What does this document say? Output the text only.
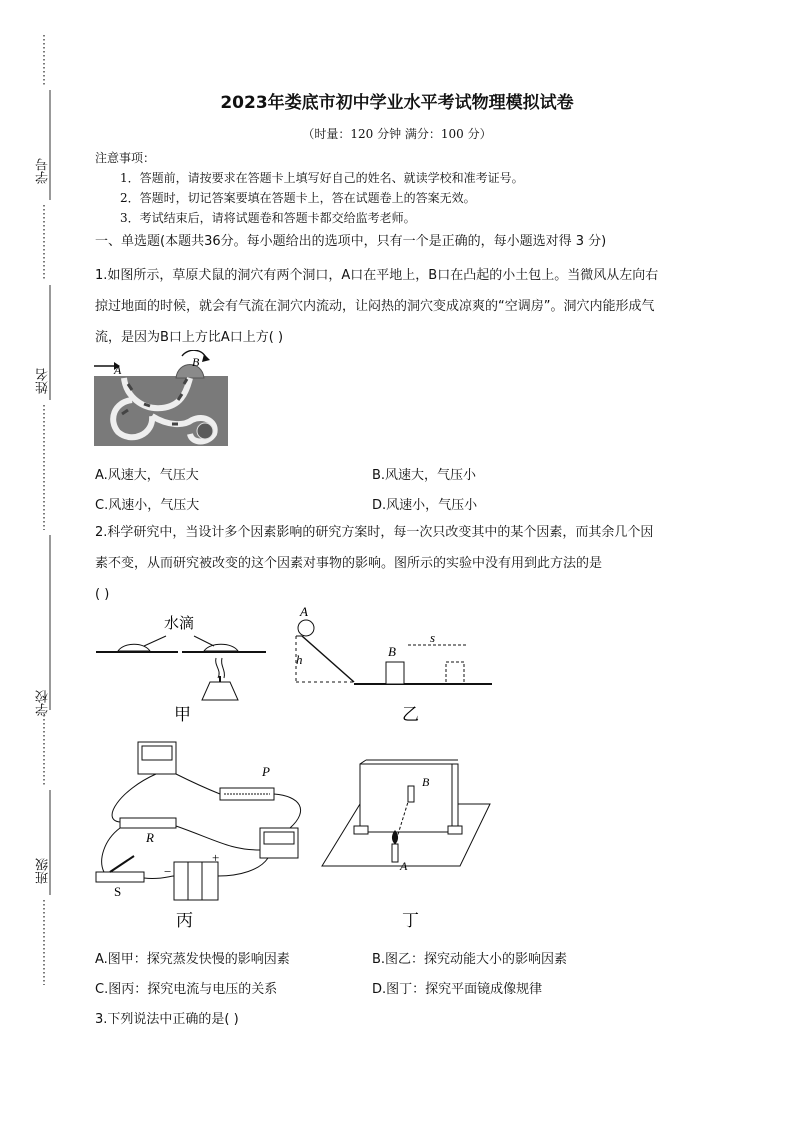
学号
姓名
学校
班级
2023年娄底市初中学业水平考试物理模拟试卷
（时量：120 分钟 满分：100 分）
注意事项：
1．答题前，请按要求在答题卡上填写好自己的姓名、就读学校和准考证号。
2．答题时，切记答案要填在答题卡上，答在试题卷上的答案无效。
3．考试结束后，请将试题卷和答题卡都交给监考老师。
一、单选题(本题共36分。每小题给出的选项中，只有一个是正确的，每小题选对得 3 分)
1.如图所示，草原犬鼠的洞穴有两个洞口，A口在平地上，B口在凸起的小土包上。当微风从左向右
掠过地面的时候，就会有气流在洞穴内流动，让闷热的洞穴变成凉爽的“空调房”。洞穴内能形成气
流，是因为B口上方比A口上方( )
A
B
A.风速大，气压大	B.风速大，气压小
C.风速小，气压大	D.风速小，气压小
2.科学研究中，当设计多个因素影响的研究方案时，每一次只改变其中的某个因素，而其余几个因
素不变，从而研究被改变的这个因素对事物的影响。图所示的实验中没有用到此方法的是
( )
水滴
甲
A
B
h
s
乙
P
R
S
−
+
丙
A
B
丁
A.图甲：探究蒸发快慢的影响因素	B.图乙：探究动能大小的影响因素
C.图丙：探究电流与电压的关系	D.图丁：探究平面镜成像规律
3.下列说法中正确的是( )
